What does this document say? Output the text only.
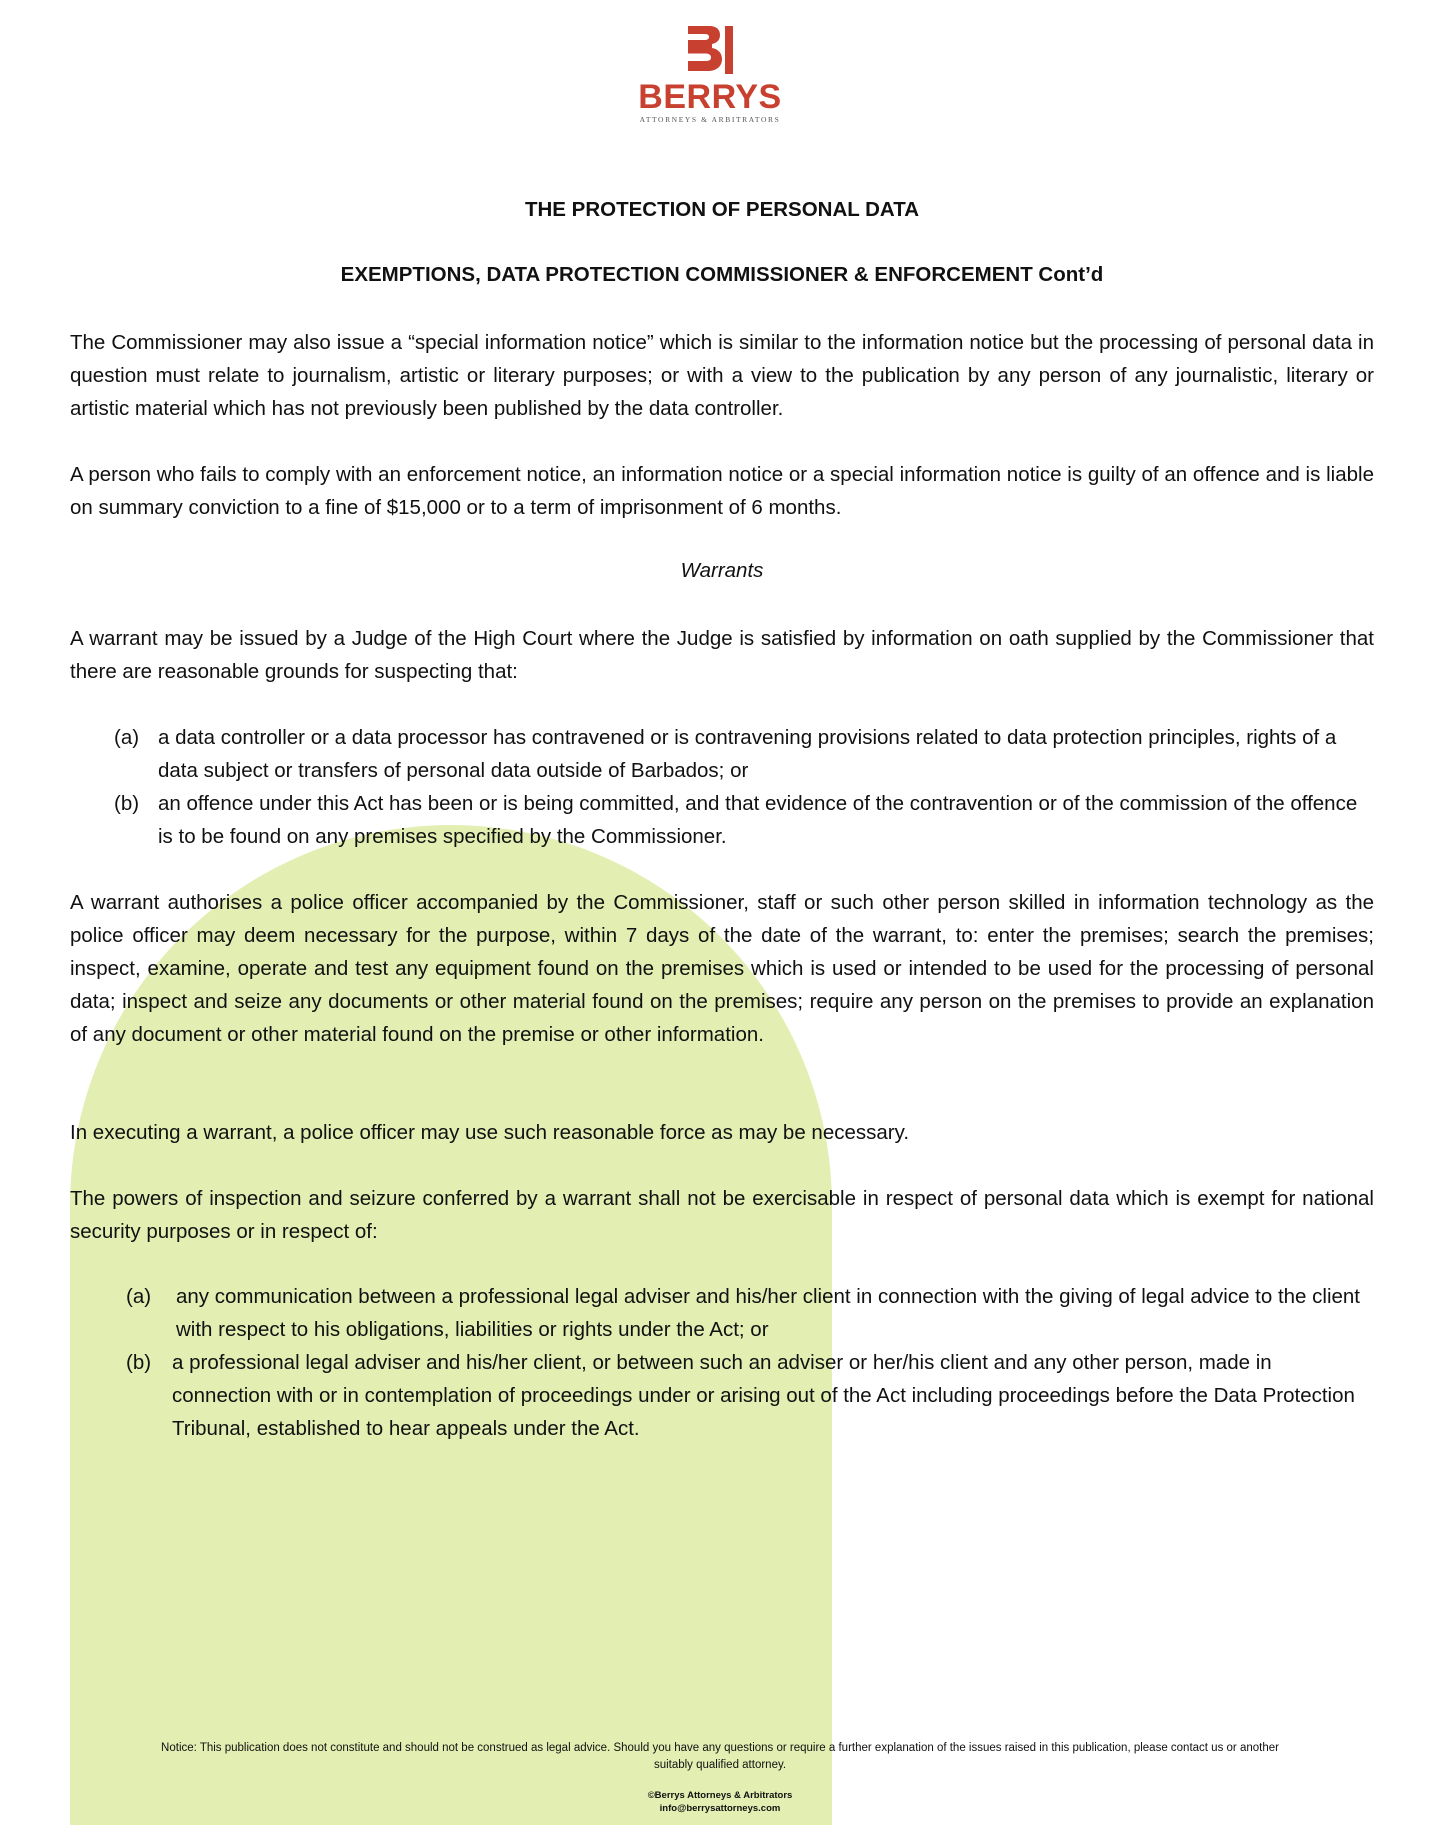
BERRYS
ATTORNEYS & ARBITRATORS
THE PROTECTION OF PERSONAL DATA
EXEMPTIONS, DATA PROTECTION COMMISSIONER & ENFORCEMENT Cont’d

The Commissioner may also issue a “special information notice” which is similar to the information notice but the processing of personal data in question must relate to journalism, artistic or literary purposes; or with a view to the publication by any person of any journalistic, literary or artistic material which has not previously been published by the data controller.

A person who fails to comply with an enforcement notice, an information notice or a special information notice is guilty of an offence and is liable on summary conviction to a fine of $15,000 or to a term of imprisonment of 6 months.

Warrants

A warrant may be issued by a Judge of the High Court where the Judge is satisfied by information on oath supplied by the Commissioner that there are reasonable grounds for suspecting that:

(a) a data controller or a data processor has contravened or is contravening provisions related to data protection principles, rights of a data subject or transfers of personal data outside of Barbados; or
(b) an offence under this Act has been or is being committed, and that evidence of the contravention or of the commission of the offence is to be found on any premises specified by the Commissioner.

A warrant authorises a police officer accompanied by the Commissioner, staff or such other person skilled in information technology as the police officer may deem necessary for the purpose, within 7 days of the date of the warrant, to: enter the premises; search the premises; inspect, examine, operate and test any equipment found on the premises which is used or intended to be used for the processing of personal data; inspect and seize any documents or other material found on the premises; require any person on the premises to provide an explanation of any document or other material found on the premise or other information.

In executing a warrant, a police officer may use such reasonable force as may be necessary.

The powers of inspection and seizure conferred by a warrant shall not be exercisable in respect of personal data which is exempt for national security purposes or in respect of:

(a) any communication between a professional legal adviser and his/her client in connection with the giving of legal advice to the client with respect to his obligations, liabilities or rights under the Act; or
(b) a professional legal adviser and his/her client, or between such an adviser or her/his client and any other person, made in connection with or in contemplation of proceedings under or arising out of the Act including proceedings before the Data Protection Tribunal, established to hear appeals under the Act.
Notice: This publication does not constitute and should not be construed as legal advice. Should you have any questions or require a further explanation of the issues raised in this publication, please contact us or another suitably qualified attorney.
©Berrys Attorneys & Arbitrators
info@berrysattorneys.com
